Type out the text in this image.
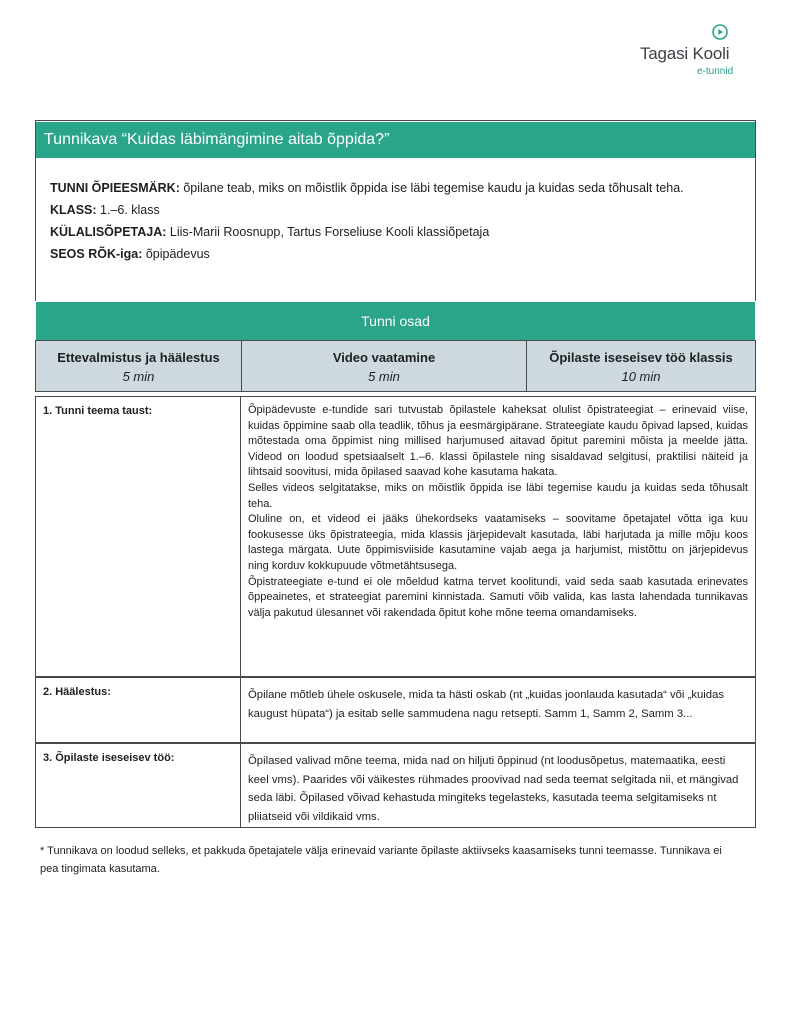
Tagasi Kooli
e-tunnid
Tunnikava “Kuidas läbimängimine aitab õppida?”
TUNNI ÕPIEESMÄRK: õpilane teab, miks on mõistlik õppida ise läbi tegemise kaudu ja kuidas seda tõhusalt teha.
KLASS: 1.–6. klass
KÜLALISÕPETAJA: Liis-Marii Roosnupp, Tartus Forseliuse Kooli klassiõpetaja
SEOS RÕK-iga: õpipädevus
Tunni osad
Ettevalmistus ja häälestus
5 min
Video vaatamine
5 min
Õpilaste iseseisev töö klassis
10 min
1. Tunni teema taust:	Õpipädevuste e-tundide sari tutvustab õpilastele kaheksat olulist õpistrateegiat – erinevaid viise, kuidas õppimine saab olla teadlik, tõhus ja eesmärgipärane. Strateegiate kaudu õpivad lapsed, kuidas mõtestada oma õppimist ning millised harjumused aitavad õpitut paremini mõista ja meelde jätta. Videod on loodud spetsiaalselt 1.–6. klassi õpilastele ning sisaldavad selgitusi, praktilisi näiteid ja lihtsaid soovitusi, mida õpilased saavad kohe kasutama hakata.

Selles videos selgitatakse, miks on mõistlik õppida ise läbi tegemise kaudu ja kuidas seda tõhusalt teha.

Oluline on, et videod ei jääks ühekordseks vaatamiseks – soovitame õpetajatel võtta iga kuu fookusesse üks õpistrateegia, mida klassis järjepidevalt kasutada, läbi harjutada ja mille mõju koos lastega märgata. Uute õppimisviiside kasutamine vajab aega ja harjumist, mistõttu on järjepidevus ning korduv kokkupuude võtmetähtsusega.

Õpistrateegiate e-tund ei ole mõeldud katma tervet koolitundi, vaid seda saab kasutada erinevates õppeainetes, et strateegiat paremini kinnistada. Samuti võib valida, kas lasta lahendada tunnikavas välja pakutud ülesannet või rakendada õpitut kohe mõne teema omandamiseks.

2. Häälestus:	Õpilane mõtleb ühele oskusele, mida ta hästi oskab (nt „kuidas joonlauda kasutada“ või „kuidas kaugust hüpata“) ja esitab selle sammudena nagu retsepti. Samm 1, Samm 2, Samm 3...

3. Õpilaste iseseisev töö:	Õpilased valivad mõne teema, mida nad on hiljuti õppinud (nt loodusõpetus, matemaatika, eesti keel vms). Paarides või väikestes rühmades proovivad nad seda teemat selgitada nii, et mängivad seda läbi. Õpilased võivad kehastuda mingiteks tegelasteks, kasutada teema selgitamiseks nt pliiatseid või vildikaid vms.

* Tunnikava on loodud selleks, et pakkuda õpetajatele välja erinevaid variante õpilaste aktiivseks kaasamiseks tunni teemasse. Tunnikava ei pea tingimata kasutama.
